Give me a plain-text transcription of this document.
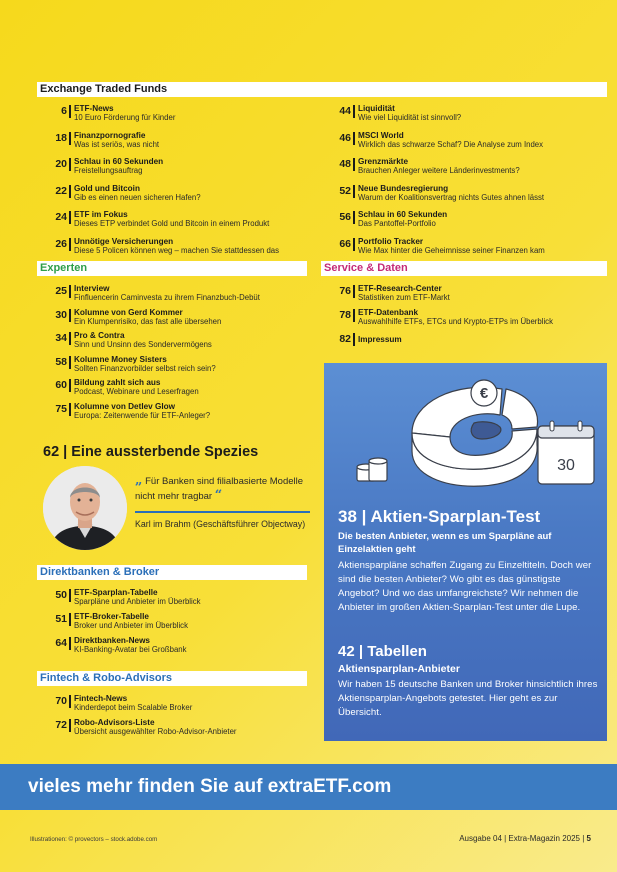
Exchange Traded Funds
6 ETF-News
10 Euro Förderung für Kinder
18 Finanzpornografie
Was ist seriös, was nicht
20 Schlau in 60 Sekunden
Freistellungsauftrag
22 Gold und Bitcoin
Gib es einen neuen sicheren Hafen?
24 ETF im Fokus
Dieses ETP verbindet Gold und Bitcoin in einem Produkt
26 Unnötige Versicherungen
Diese 5 Policen können weg – machen Sie stattdessen das
44 Liquidität
Wie viel Liquidität ist sinnvoll?
46 MSCI World
Wirklich das schwarze Schaf? Die Analyse zum Index
48 Grenzmärkte
Brauchen Anleger weitere Länderinvestments?
52 Neue Bundesregierung
Warum der Koalitionsvertrag nichts Gutes ahnen lässt
56 Schlau in 60 Sekunden
Das Pantoffel-Portfolio
66 Portfolio Tracker
Wie Max hinter die Geheimnisse seiner Finanzen kam
Experten
25 Interview
Finfluencerin Caminvesta zu ihrem Finanzbuch-Debüt
30 Kolumne von Gerd Kommer
Ein Klumpenrisiko, das fast alle übersehen
34 Pro & Contra
Sinn und Unsinn des Sondervermögens
58 Kolumne Money Sisters
Sollten Finanzvorbilder selbst reich sein?
60 Bildung zahlt sich aus
Podcast, Webinare und Leserfragen
75 Kolumne von Detlev Glow
Europa: Zeitenwende für ETF-Anleger?
Service & Daten
76 ETF-Research-Center
Statistiken zum ETF-Markt
78 ETF-Datenbank
Auswahlhilfe ETFs, ETCs und Krypto-ETPs im Überblick
82 Impressum
62 | Eine aussterbende Spezies
„ Für Banken sind filialbasierte Modelle nicht mehr tragbar “
Karl im Brahm (Geschäftsführer Objectway)
Direktbanken & Broker
50 ETF-Sparplan-Tabelle
Sparpläne und Anbieter im Überblick
51 ETF-Broker-Tabelle
Broker und Anbieter im Überblick
64 Direktbanken-News
KI-Banking-Avatar bei Großbank
Fintech & Robo-Advisors
70 Fintech-News
Kinderdepot beim Scalable Broker
72 Robo-Advisors-Liste
Übersicht ausgewählter Robo-Advisor-Anbieter
€
30
38 | Aktien-Sparplan-Test
Die besten Anbieter, wenn es um Sparpläne auf Einzelaktien geht
Aktiensparpläne schaffen Zugang zu Einzeltiteln. Doch wer sind die besten Anbieter? Wo gibt es das günstigste Angebot? Und wo das umfangreichste? Wir nehmen die Anbieter im großen Aktien-Sparplan-Test unter die Lupe.
42 | Tabellen
Aktiensparplan-Anbieter
Wir haben 15 deutsche Banken und Broker hinsichtlich ihres Aktiensparplan-Angebots getestet. Hier geht es zur Übersicht.
vieles mehr finden Sie auf extraETF.com
Illustrationen: © provectors – stock.adobe.com	Ausgabe 04 | Extra-Magazin 2025 | 5
